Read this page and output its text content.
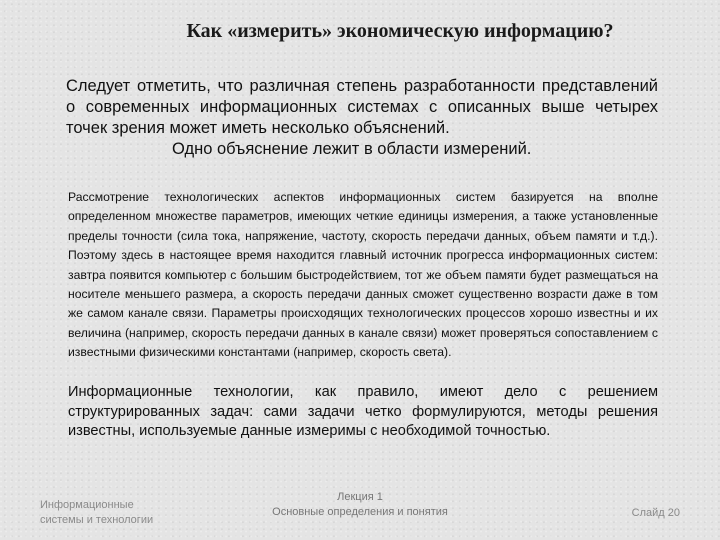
Как «измерить» экономическую информацию?

Следует отметить, что различная степень разработанности представлений о современных информационных системах с описанных выше четырех точек зрения может иметь несколько объяснений.
Одно объяснение лежит в области измерений.

Рассмотрение технологических аспектов информационных систем базируется на вполне определенном множестве параметров, имеющих четкие единицы измерения, а также установленные пределы точности (сила тока, напряжение, частоту, скорость передачи данных, объем памяти и т.д.). Поэтому здесь в настоящее время находится главный источник прогресса информационных систем: завтра появится компьютер с большим быстродействием, тот же объем памяти будет размещаться на носителе меньшего размера, а скорость передачи данных сможет существенно возрасти даже в том же самом канале связи. Параметры происходящих технологических процессов хорошо известны и их величина (например, скорость передачи данных в канале связи) может проверяться сопоставлением с известными физическими константами (например, скорость света).

Информационные технологии, как правило, имеют дело с решением структурированных задач: сами задачи четко формулируются, методы решения известны, используемые данные измеримы с необходимой точностью.

Информационные
системы и технологии
Лекция 1
Основные определения и понятия	Слайд 20
